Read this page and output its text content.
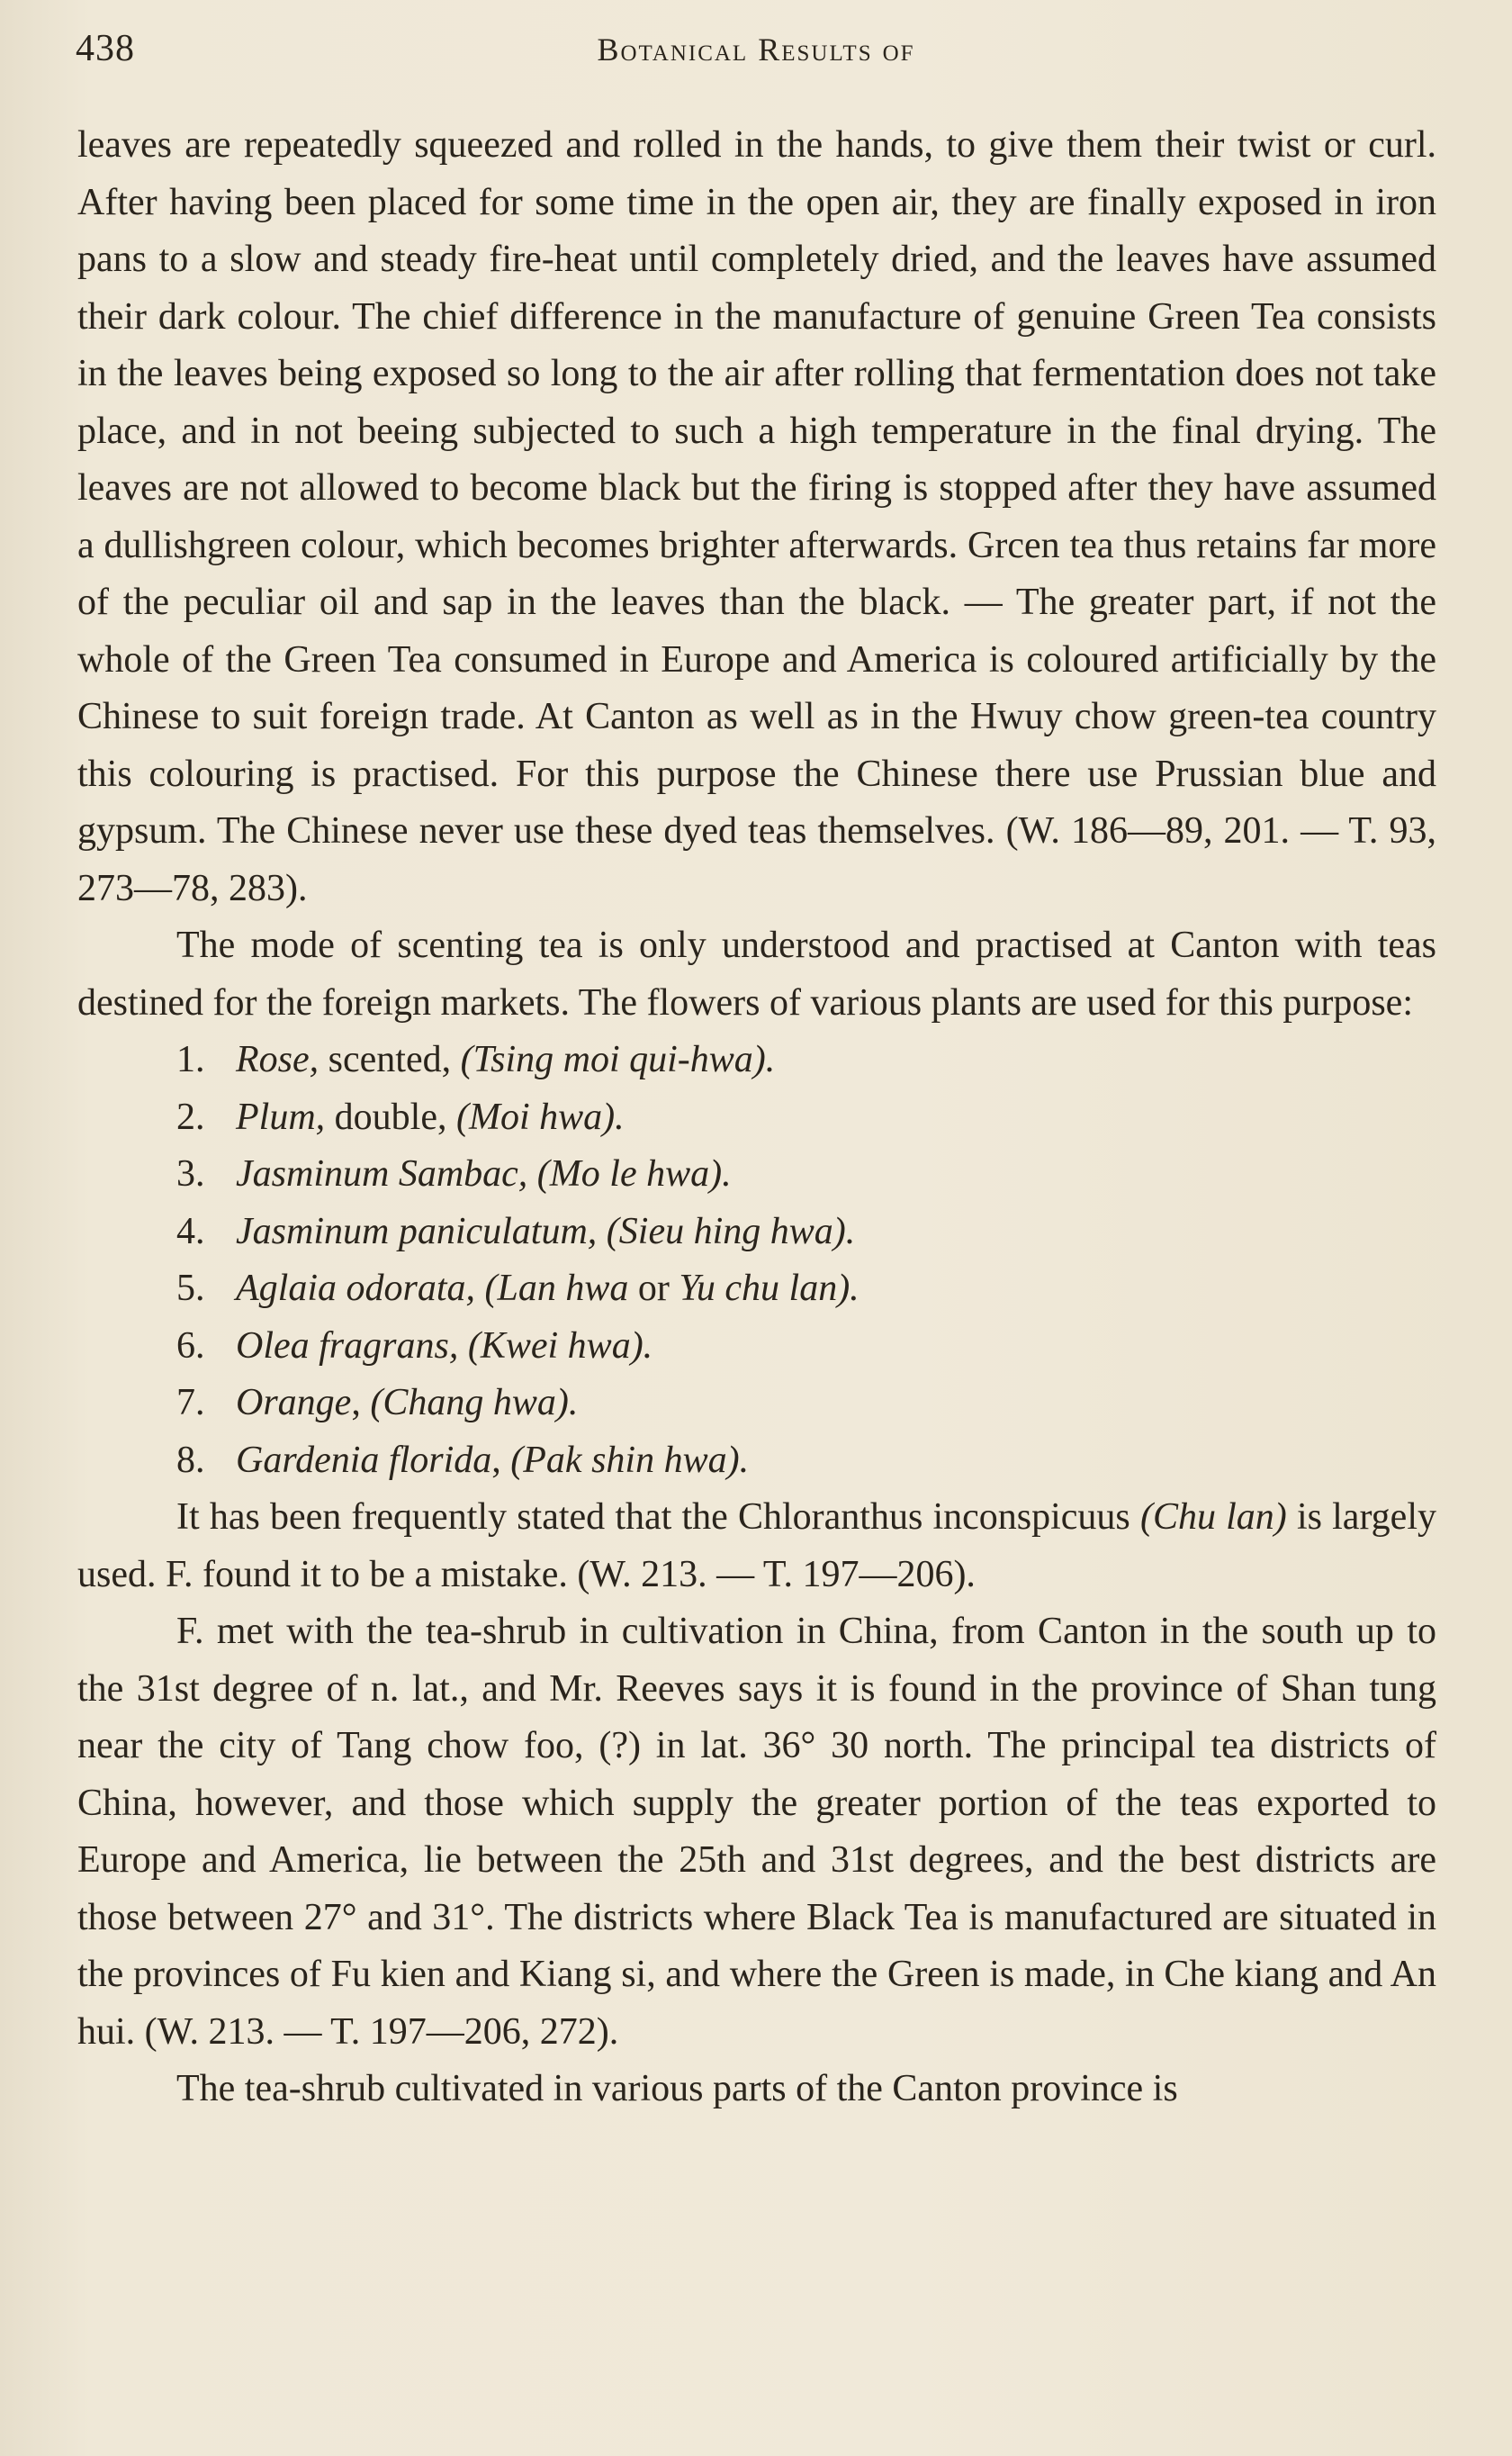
438	Botanical Results of

leaves are repeatedly squeezed and rolled in the hands, to give them their twist or curl. After having been placed for some time in the open air, they are finally exposed in iron pans to a slow and steady fire-heat until completely dried, and the leaves have assumed their dark colour. The chief difference in the manufacture of genuine Green Tea consists in the leaves being exposed so long to the air after rolling that fermentation does not take place, and in not beeing subjected to such a high temperature in the final drying. The leaves are not allowed to become black but the firing is stopped after they have assumed a dullishgreen colour, which becomes brighter afterwards. Grcen tea thus retains far more of the peculiar oil and sap in the leaves than the black. — The greater part, if not the whole of the Green Tea consumed in Europe and America is coloured artificially by the Chinese to suit foreign trade. At Canton as well as in the Hwuy chow green-tea country this colouring is practised. For this purpose the Chinese there use Prussian blue and gypsum. The Chinese never use these dyed teas themselves. (W. 186—89, 201. — T. 93, 273—78, 283).

The mode of scenting tea is only understood and practised at Canton with teas destined for the foreign markets. The flowers of various plants are used for this purpose:

1. Rose, scented, (Tsing moi qui-hwa).
2. Plum, double, (Moi hwa).
3. Jasminum Sambac, (Mo le hwa).
4. Jasminum paniculatum, (Sieu hing hwa).
5. Aglaia odorata, (Lan hwa or Yu chu lan).
6. Olea fragrans, (Kwei hwa).
7. Orange, (Chang hwa).
8. Gardenia florida, (Pak shin hwa).

It has been frequently stated that the Chloranthus inconspicuus (Chu lan) is largely used. F. found it to be a mistake. (W. 213. — T. 197—206).

F. met with the tea-shrub in cultivation in China, from Canton in the south up to the 31st degree of n. lat., and Mr. Reeves says it is found in the province of Shan tung near the city of Tang chow foo, (?) in lat. 36° 30 north. The principal tea districts of China, however, and those which supply the greater portion of the teas exported to Europe and America, lie between the 25th and 31st degrees, and the best districts are those between 27° and 31°. The districts where Black Tea is manufactured are situated in the provinces of Fu kien and Kiang si, and where the Green is made, in Che kiang and An hui. (W. 213. — T. 197—206, 272).

The tea-shrub cultivated in various parts of the Canton province is
